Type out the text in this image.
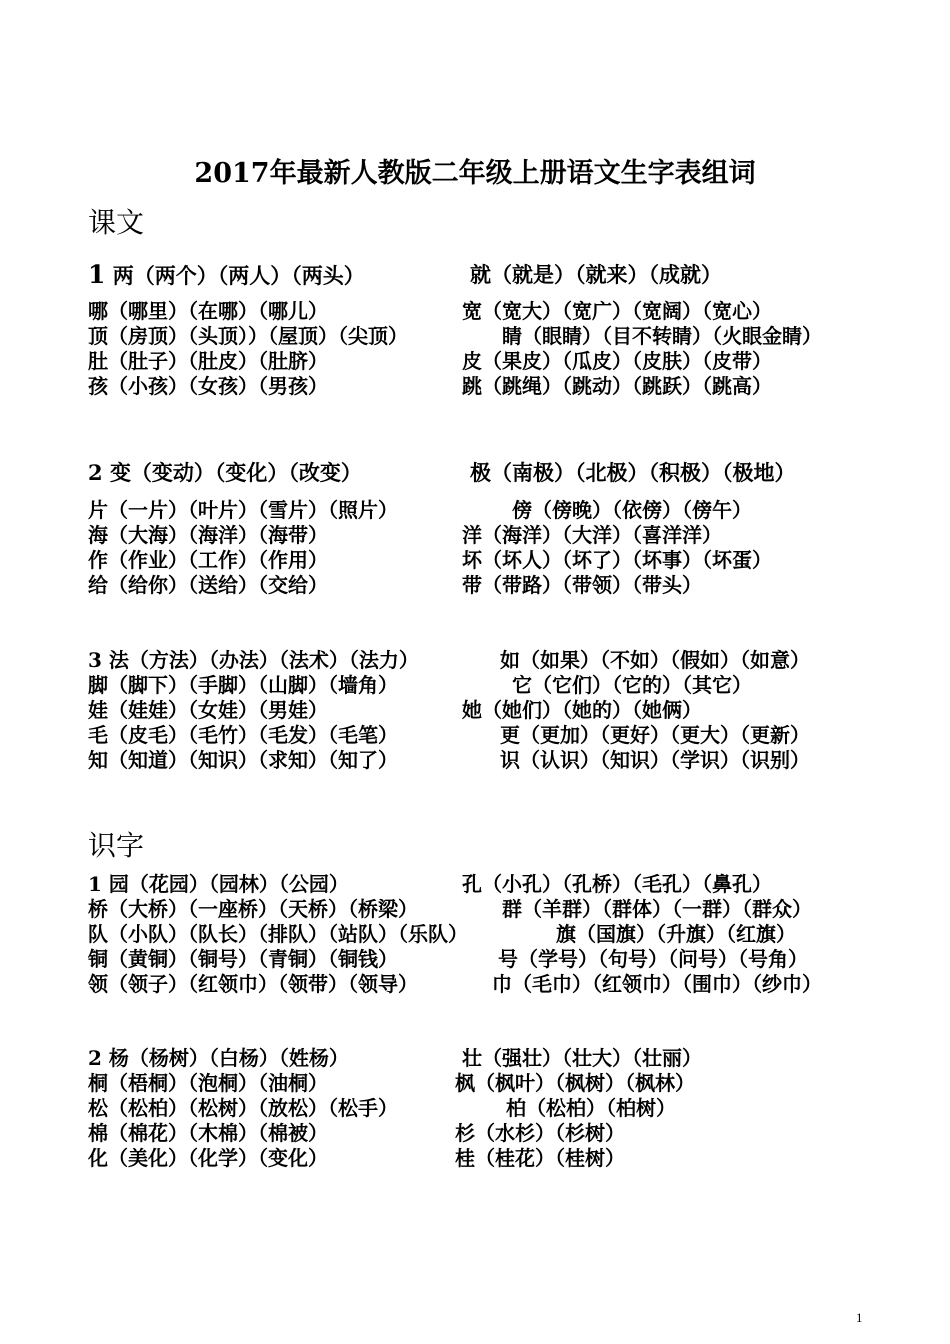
2017年最新人教版二年级上册语文生字表组词
课文
1 两（两个）（两人）（两头）	就（就是）（就来）（成就）
哪（哪里）（在哪）（哪儿）	宽（宽大）（宽广）（宽阔）（宽心）
顶（房顶）（头顶））（屋顶）（尖顶）	睛（眼睛）（目不转睛）（火眼金睛）
肚（肚子）（肚皮）（肚脐）	皮（果皮）（瓜皮）（皮肤）（皮带）
孩（小孩）（女孩）（男孩）	跳（跳绳）（跳动）（跳跃）（跳高）
2 变（变动）（变化）（改变）	极（南极）（北极）（积极）（极地）
片（一片）（叶片）（雪片）（照片）	傍（傍晚）（依傍）（傍午）
海（大海）（海洋）（海带）	洋（海洋）（大洋）（喜洋洋）
作（作业）（工作）（作用）	坏（坏人）（坏了）（坏事）（坏蛋）
给（给你）（送给）（交给）	带（带路）（带领）（带头）
3 法（方法）（办法）（法术）（法力）	如（如果）（不如）（假如）（如意）
脚（脚下）（手脚）（山脚）（墙角）	它（它们）（它的）（其它）
娃（娃娃）（女娃）（男娃）	她（她们）（她的）（她俩）
毛（皮毛）（毛竹）（毛发）（毛笔）	更（更加）（更好）（更大）（更新）
知（知道）（知识）（求知）（知了）	识（认识）（知识）（学识）（识别）
识字
1 园（花园）（园林）（公园）	孔（小孔）（孔桥）（毛孔）（鼻孔）
桥（大桥）（一座桥）（天桥）（桥梁）	群（羊群）（群体）（一群）（群众）
队（小队）（队长）（排队）（站队）（乐队）	旗（国旗）（升旗）（红旗）
铜（黄铜）（铜号）（青铜）（铜钱）	号（学号）（句号）（问号）（号角）
领（领子）（红领巾）（领带）（领导）	巾（毛巾）（红领巾）（围巾）（纱巾）
2 杨（杨树）（白杨）（姓杨）	壮（强壮）（壮大）（壮丽）
桐（梧桐）（泡桐）（油桐）	枫（枫叶）（枫树）（枫林）
松（松柏）（松树）（放松）（松手）	柏（松柏）（柏树）
棉（棉花）（木棉）（棉被）	杉（水杉）（杉树）
化（美化）（化学）（变化）	桂（桂花）（桂树）
1
